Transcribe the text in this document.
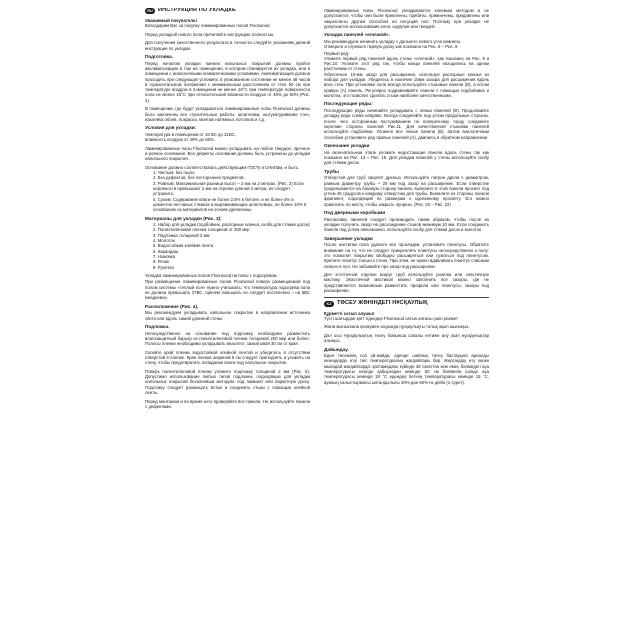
RU ИНСТРУКЦИЯ ПО УКЛАДКЕ

Уважаемый покупатель!

Благодарим Вас за покупку ламинированных полов Floorwood

Перед укладкой нового пола прочитайте инструкцию полностью.

Для получения качественного результата в точности следуйте указаниям данной инструкции по укладке.

Подготовка.

Перед началом укладки панели напольных покрытий должны пройти акклиматизацию в том же помещении, в котором планируется их укладка, или в помещении с аналогичными климатическими условиями. Акклиматизация должна проходить при следующих условиях: в упакованном состоянии не менее 48 часов в горизонтальном положении с минимальным расстоянием от стен 50 см при температуре воздуха в помещении не менее 18°С при температуре поверхности пола не менее 15°С при относительной влажности воздуха от 40% до 60% (Рис. 1).

В помещении, где будут укладываться ламинированные полы Floorwood должны быть закончены все строительные работы: шпатлевка, оштукатуривание стен, наклейка обоев, покраска, монтаж натяжных потолков и т.д.

Условия для укладки:

температура в помещении от 16 ВС до 21ВС,

влажность воздуха от 40% до 60%.

Ламинированные полы Floorwood можно укладывать на любое твердое, прочное и ровное основание. Все дефекты основания должны быть устранены до укладки напольного покрытия.

Основание должно соответствовать действующим ГОСТу и СНиПам, и быть:

1. Чистым, без пыли;
2. Без дефектов, без посторонних предметов;
3. Ровным. Максимальная разница высот – 2 мм на 2 метрах. (Рис. 2) Если неровности превышают 2 мм на отрезке длиной 2 метра, их следует устранить;
4. Сухим. Содержание влаги не более 2,5% в бетоне, и не более 4% в цементно-песчаных стяжках и выравнивающих шпатлевках, не более 10% в основаниях из материалов на основе древесины.
Материалы для укладки (Рис. 3):
1. Набор для укладки (подбойник, распорные клинья, скоба для стяжки досок)
2. Полиэтиленовая пленка толщиной от 200 мкр
3. Подложка толщиной 2 мм
4. Молоток
5. Водостойкая клейкая лента
6. Карандаш
7. Ножовка
8. Резак
9. Рулетка

Укладка ламинированных полов Floorwood на полы с подогревом.

При размещении ламинированных полов Floorwood поверх размещаемой под полом системы «теплый пол» нужно учитывать, что температура подогрева пола не должна превышать 27ВС, причем повышать ее следует постепенно – на 5ВС ежедневно.

Расположение (Рис. 4).

Мы рекомендуем укладывать напольное покрытие в направлении источника света или вдоль самой длинной стены.

Подложка.

Непосредственно на основание под подложку необходимо разместить влагозащитный барьер из полиэтиленовой пленки толщиной 200 мкр или более. Полосы пленки необходимо укладывать внахлест, захватывая 30 см от края.

Склейте край пленки водостойкой клейкой лентой и убедитесь в отсутствии отверстий в пленке. Края пленки шириной 5 см следует приподнять и уложить на стену, чтобы предотвратить попадание влаги под напольное покрытие.

Поверх полиэтиленовой пленки уложите подложку толщиной 2 мм (Рис. 5). Допустимо использование любых типов подложек, подходящих для укладки напольных покрытий бесклеевым методом: под ламинат или паркетную доску. Подложку следует размещать встык и соединять стыки с помощью клейкой ленты.

Перед монтажом и во время него проверяйте все панели. Не используйте панели с дефектами.

Ламинированные полы Floorwood укладываются клеевым методом и не допускается, чтобы они были приклеены, прибиты, привинчены, придавлены или закреплены другим способом на несущий пол. Поэтому при укладке не допускается использование клея, шурупов или гвоздей.

Укладка панелей «елочкой».

Мы рекомендуем начинать укладку с дальнего левого угла комнаты.

Отмерьте и отрежьте первую доску как показано на Рис. 6 – Рис. 9

Первый ряд:

Уложите первый ряд панелей вдоль стены «елочкой», как показано на Рис. 9 и Рис.10. Уложите этот ряд так, чтобы концы панелей находились на одном расстоянии от стены.

Обеспечьте 10-мм зазор для расширения, используя распорные клинья из набора для укладки. Убедитесь в наличии 10мм зазора для расширения вдоль всех стен. При установке пола всегда используйте стыковые панели (B), а потом правую (A) панель. Регулярно подравнивайте панели с помощью подбойника и молотка, это позволит сделать стыки наиболее качественными.

Последующие ряды:

Последующие ряды начинайте укладывать с левых панелей (B). Продолжайте укладку ряда слева направо. Всегда соединяйте под углом продольные стороны, после чего осторожным постукиванием по поперечному торцу соедините короткие стороны панелей Рис.11. Для качественной стыковки панелей используйте подбойник. Уложите все левые панели (B). Затем аналогичным способом установите ряд правых панелей (A), двигаясь в обратном направлении

Окончание укладки

На окончательном этапе уложите недостающие панели вдоль стены так как показано на Рис. 13 – Рис. 18. Для укладки панелей у стены используйте скобу для стяжки досок.

Трубы

Отверстия для труб сверлят дрелью. Используйте патрон дрели с диаметром, равным диаметру трубы + 20 мм под зазор на расширение. Если отверстие проделывается на боковую сторону панели, выпилите в этой панели просвет под углом 45 градусов к каждому отверстию для трубы. Выпилите из стороны панели фрагмент, подходящий по размерам к сделанному просвету. Его можно приклеить по месту, чтобы закрыть прорезь. (Рис. 20 – Рис. 22)

Под дверными коробками

Распиловку панелей следует производить таким образом, чтобы после их укладки получить зазор на расхождение стыков минимум 10 мм. Если соединить панели под углом невозможно, используйте скобу для стяжки досок и молоток.

Завершение укладки

После настилки пола удалите все прокладки, установите плинтусы. Обратите внимание на то, что не следует прикреплять плинтусы непосредственно к полу: это позволит покрытию свободно расширяться или сужаться под плинтусом. Крепите плинтус только к стене. При этом, не нужно вдавливать плинтус слишком сильно в пол. Не забывайте про зазор под расширение.

Для эстетичной отделки вокруг труб используйте розетки или эластичную мастику. Эластичной мастикой можно заполнить все зазоры, где не представляется возможным разместить профили или плинтусы, зазоры под расширение.

KZ ТӨСЕУ ЖӨНІНДЕГІ НҰСҚАУЛЫҚ

Құрметті сатып алушы!

Түсті шатырдан қатт едендер Floorwood сатып алғаны үшін рахмет

Жана жыныскана қалаумен алдында нұсқаулықты толық оқып шығыңыз.

Дәл осы Нұсқаулықтың төсеу бойынша сапалы нәтиже алу үшін нұсқаулықтар алыңыз.

Дайындау.

Еден төсемінің сол үй-жайда, еденде шайлық төсеу бастауына арналды кезеңдерде өтуі тиіс температуралық жағдайлары бар. Жерсіндіру өту керек мынадай жағдайларда: қаптамадағы күйінде 48 сағаттан кем емес бөлмедегі ауа температурасы кезінде қабырғадан кемінде 50 см бөлменің ішінде ауа температурасы кемінде 18 °С едендер бетінің температурасы кемінде 15 °С, ауаның салыстырмалы ылғалдылығы 40%-дан 60%-ға дейін (1-сурет).
